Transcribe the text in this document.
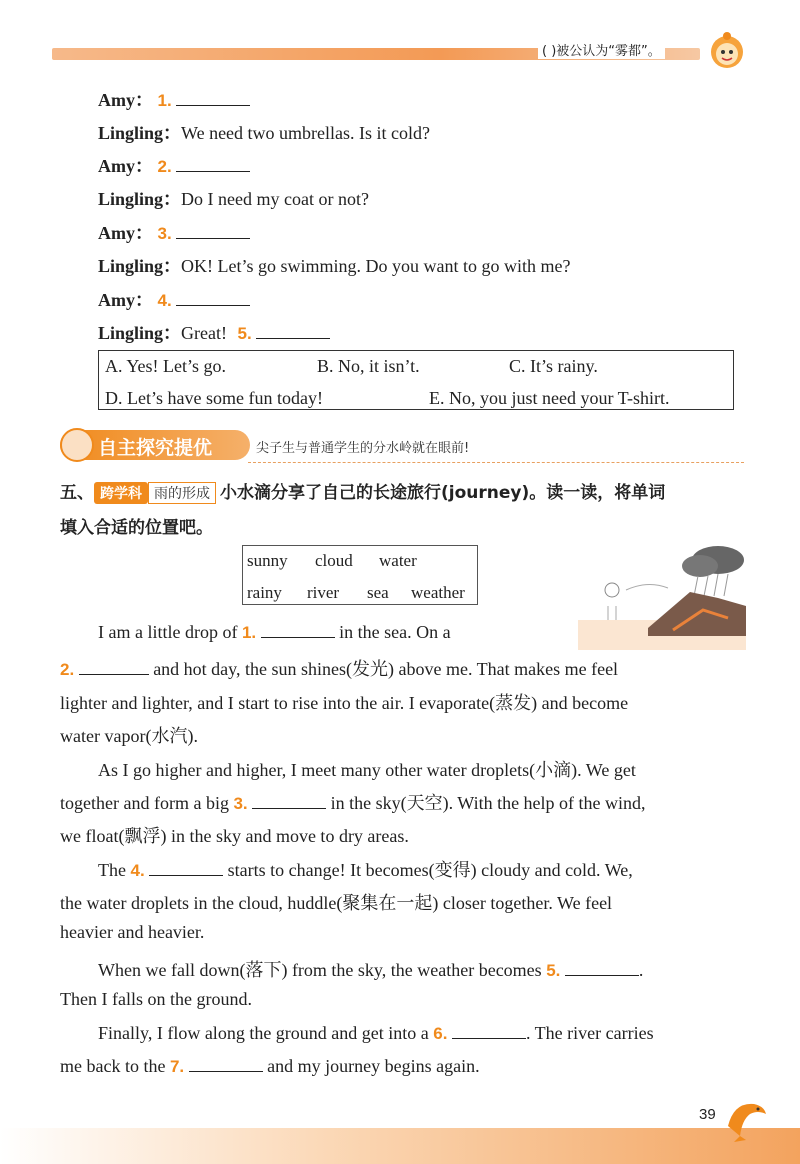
( )被公认为“雾都”。
Amy： 1.
Lingling：We need two umbrellas. Is it cold?
Amy： 2.
Lingling：Do I need my coat or not?
Amy： 3.
Lingling：OK! Let’s go swimming. Do you want to go with me?
Amy： 4.
Lingling：Great! 5.
A. Yes! Let’s go.	B. No, it isn’t.	C. It’s rainy.
D. Let’s have some fun today!	E. No, you just need your T-shirt.
自主探究提优	尖子生与普通学生的分水岭就在眼前!
五、 跨学科 雨的形成 小水滴分享了自己的长途旅行(journey)。读一读，将单词
填入合适的位置吧。
sunny cloud water
rainy river sea weather
I am a little drop of 1.	in the sea. On a
2.	and hot day, the sun shines(发光) above me. That makes me feel
lighter and lighter, and I start to rise into the air. I evaporate(蒸发) and become
water vapor(水汽).
As I go higher and higher, I meet many other water droplets(小滴). We get
together and form a big 3.	in the sky(天空). With the help of the wind,
we float(飘浮) in the sky and move to dry areas.
The 4.	starts to change! It becomes(变得) cloudy and cold. We,
the water droplets in the cloud, huddle(聚集在一起) closer together. We feel
heavier and heavier.
When we fall down(落下) from the sky, the weather becomes 5.	.
Then I falls on the ground.
Finally, I flow along the ground and get into a 6.	. The river carries
me back to the 7.	and my journey begins again.
39
